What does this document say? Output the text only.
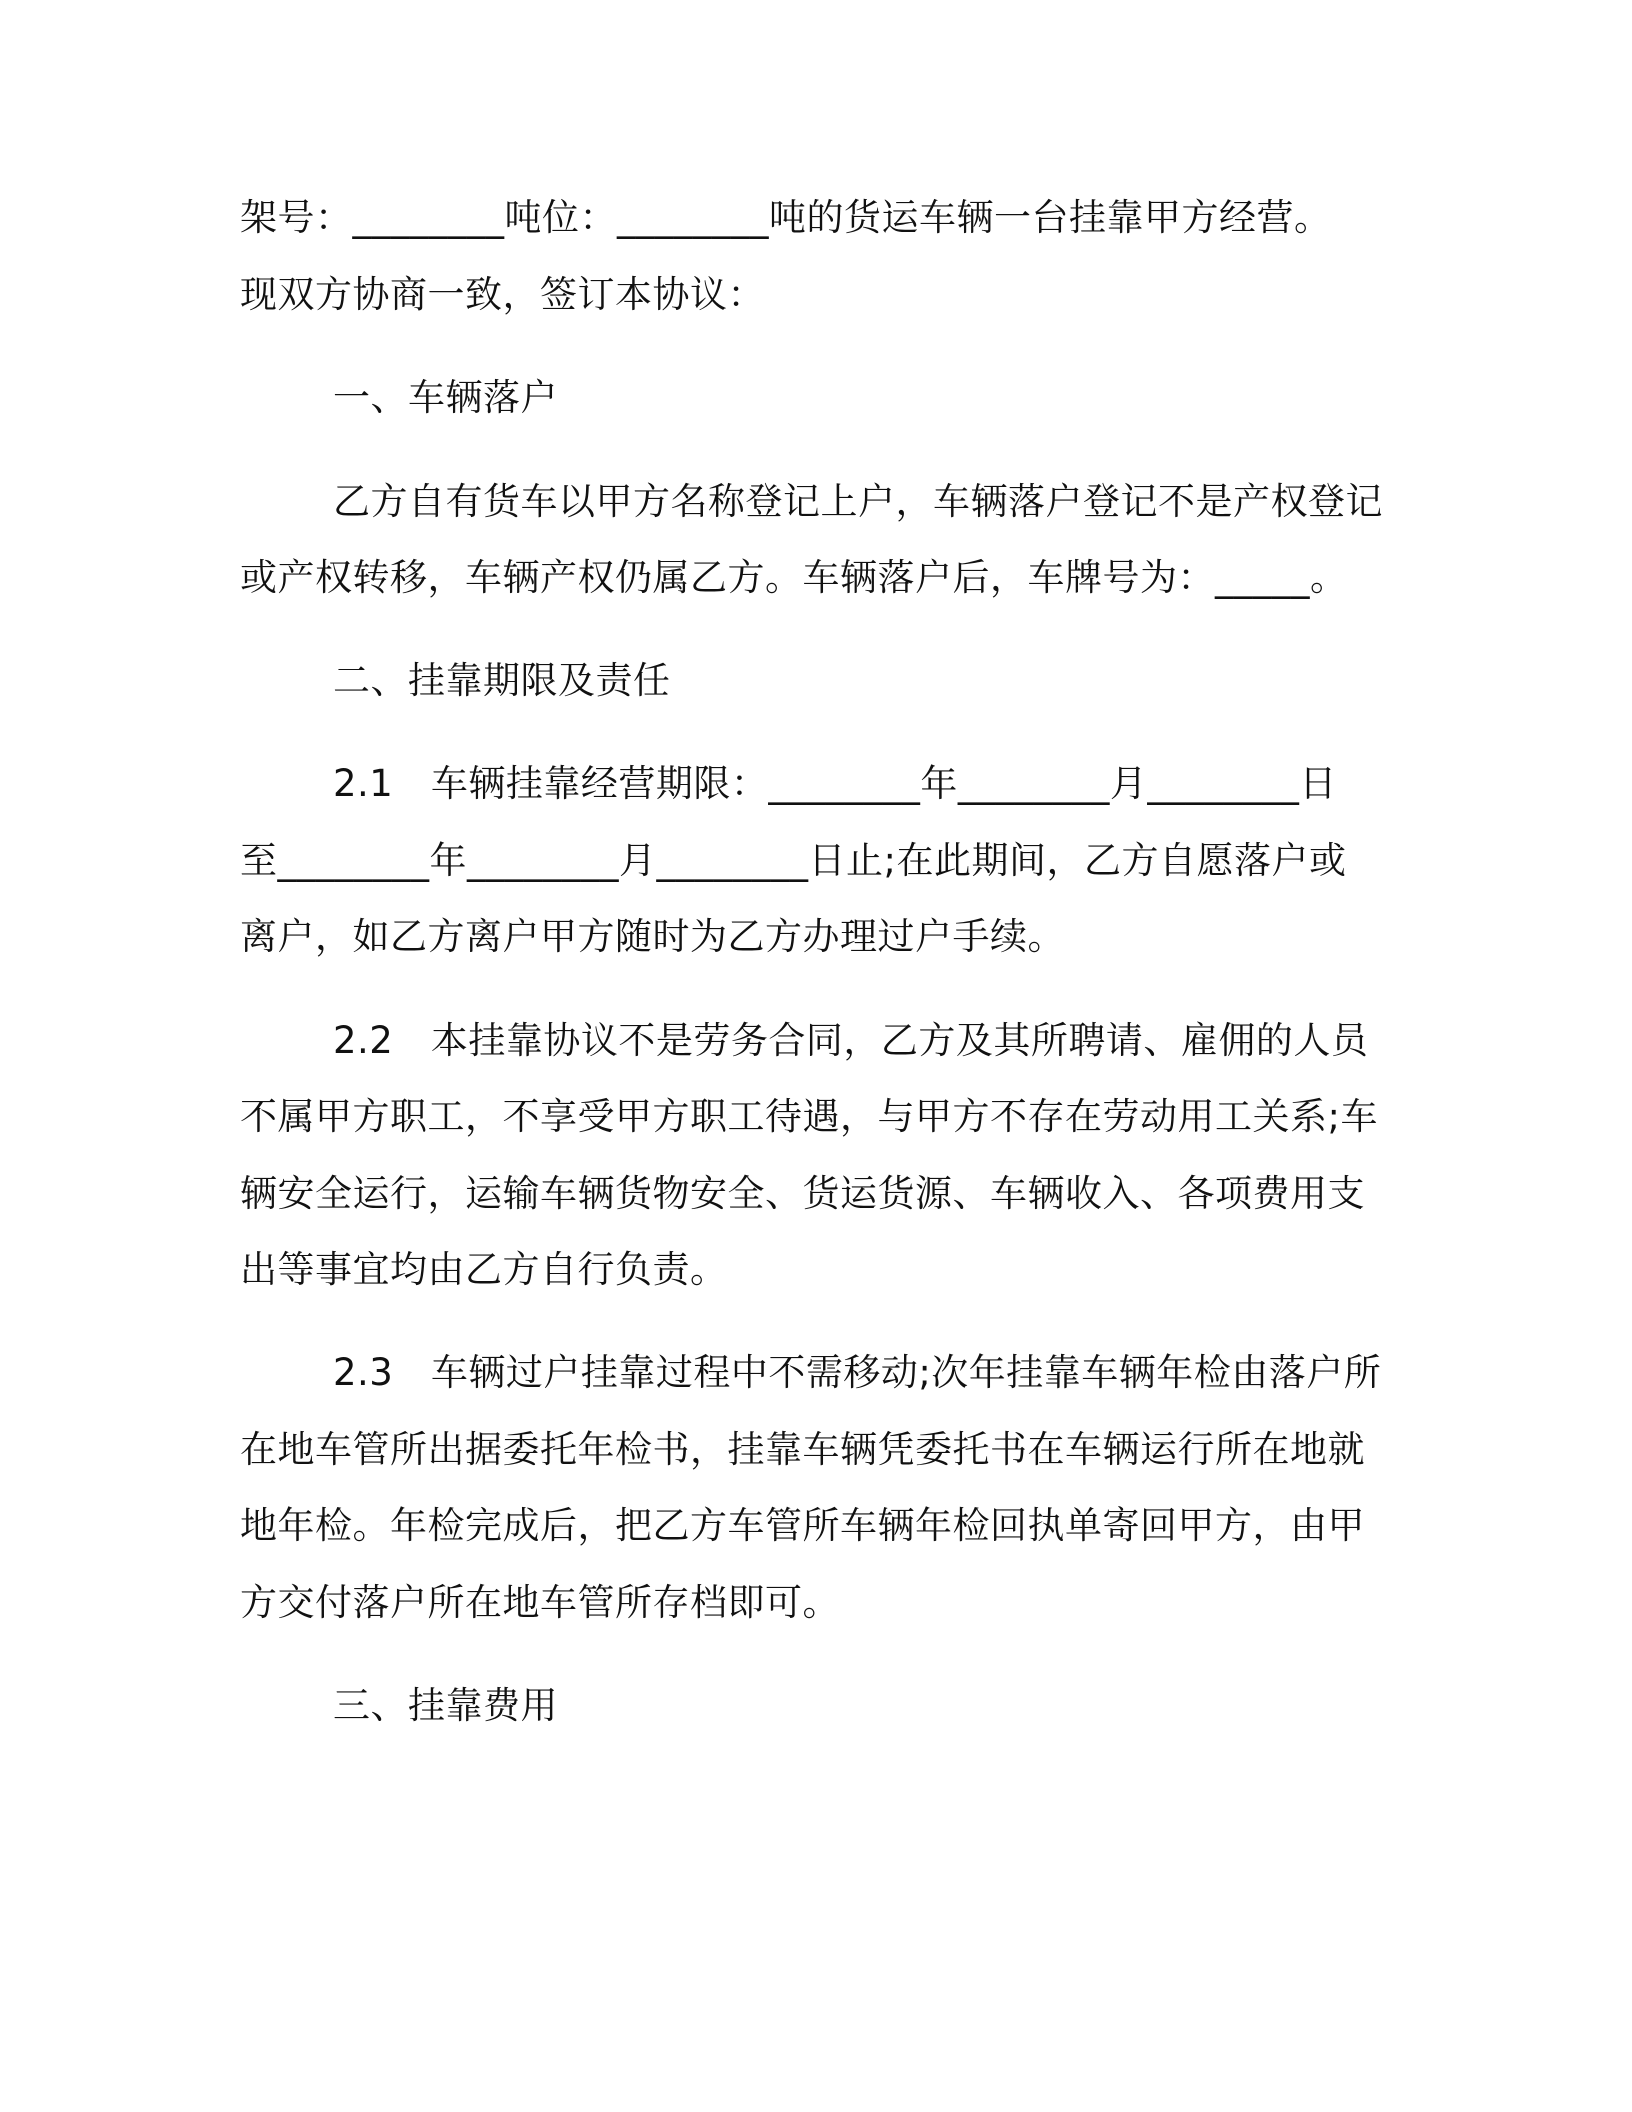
架号：________吨位：________吨的货运车辆一台挂靠甲方经营。
现双方协商一致，签订本协议：
一、车辆落户
乙方自有货车以甲方名称登记上户，车辆落户登记不是产权登记
或产权转移，车辆产权仍属乙方。车辆落户后，车牌号为：_____。
二、挂靠期限及责任
2.1　车辆挂靠经营期限：________年________月________日
至________年________月________日止;在此期间，乙方自愿落户或
离户，如乙方离户甲方随时为乙方办理过户手续。
2.2　本挂靠协议不是劳务合同，乙方及其所聘请、雇佣的人员
不属甲方职工，不享受甲方职工待遇，与甲方不存在劳动用工关系;车
辆安全运行，运输车辆货物安全、货运货源、车辆收入、各项费用支
出等事宜均由乙方自行负责。
2.3　车辆过户挂靠过程中不需移动;次年挂靠车辆年检由落户所
在地车管所出据委托年检书，挂靠车辆凭委托书在车辆运行所在地就
地年检。年检完成后，把乙方车管所车辆年检回执单寄回甲方，由甲
方交付落户所在地车管所存档即可。
三、挂靠费用
